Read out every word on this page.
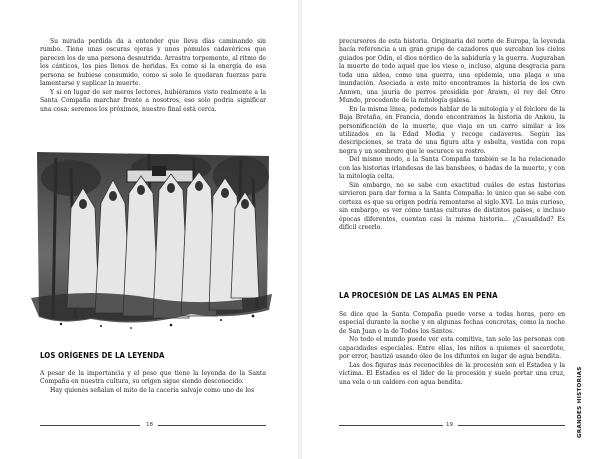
Su mirada perdida da a entender que lleva días caminando sin rumbo. Tiene unas oscuras ojeras y unos pómulos cadavéricos que parecen los de una persona desnutrida. Arrastra torpemente, al ritmo de los cánticos, los pies llenos de heridas. Es como si la energía de esa persona se hubiese consumido, como si solo le quedaran fuerzas para lamentarse y suplicar la muerte.

Y si en lugar de ser meros lectores, hubiéramos visto realmente a la Santa Compaña marchar frente a nosotros, eso solo podría significar una cosa: seremos los próximos, nuestro final está cerca.

LOS ORÍGENES DE LA LEYENDA

A pesar de la importancia y el peso que tiene la leyenda de la Santa Compaña en nuestra cultura, su origen sigue siendo desconocido.

Hay quienes señalan el mito de la cacería salvaje como uno de los

18

precursores de esta historia. Originaria del norte de Europa, la leyenda hacía referencia a un gran grupo de cazadores que surcaban los cielos guiados por Odín, el dios nórdico de la sabiduría y la guerra. Auguraban la muerte de todo aquel que los viese o, incluso, alguna desgracia para toda una aldea, como una guerra, una epidemia, una plaga o una inundación. Asociada a este mito encontramos la historia de los cwn Annwn, una jauría de perros presidida por Arawn, el rey del Otro Mundo, procedente de la mitología galesa.

En la misma línea, podemos hablar de la mitología y el folclore de la Baja Bretaña, en Francia, donde encontramos la historia de Ankou, la personificación de la muerte, que viaja en un carro similar a los utilizados en la Edad Media y recoge cadáveres. Según las descripciones, se trata de una figura alta y esbelta, vestida con ropa negra y un sombrero que le oscurece su rostro.

Del mismo modo, a la Santa Compaña también se la ha relacionado con las historias irlandesas de las banshees, o hadas de la muerte, y con la mitología celta.

Sin embargo, no se sabe con exactitud cuáles de estas historias sirvieron para dar forma a la Santa Compaña: lo único que se sabe con certeza es que su origen podría remontarse al siglo XVI. Lo más curioso, sin embargo, es ver cómo tantas culturas de distintos países, e incluso épocas diferentes, cuentan casi la misma historia... ¿Casualidad? Es difícil creerlo.

LA PROCESIÓN DE LAS ALMAS EN PENA

Se dice que la Santa Compaña puede verse a todas horas, pero en especial durante la noche y en algunas fechas concretas, como la noche de San Juan o la de Todos los Santos.

No todo el mundo puede ver esta comitiva, tan solo las personas con capacidades especiales. Entre ellas, los niños a quienes el sacerdote, por error, bautizó usando óleo de los difuntos en lugar de agua bendita.

Las dos figuras más reconocibles de la procesión son el Estadea y la víctima. El Estadea es el líder de la procesión y suele portar una cruz, una vela o un caldero con agua bendita.

19	GRANDES HISTORIAS
